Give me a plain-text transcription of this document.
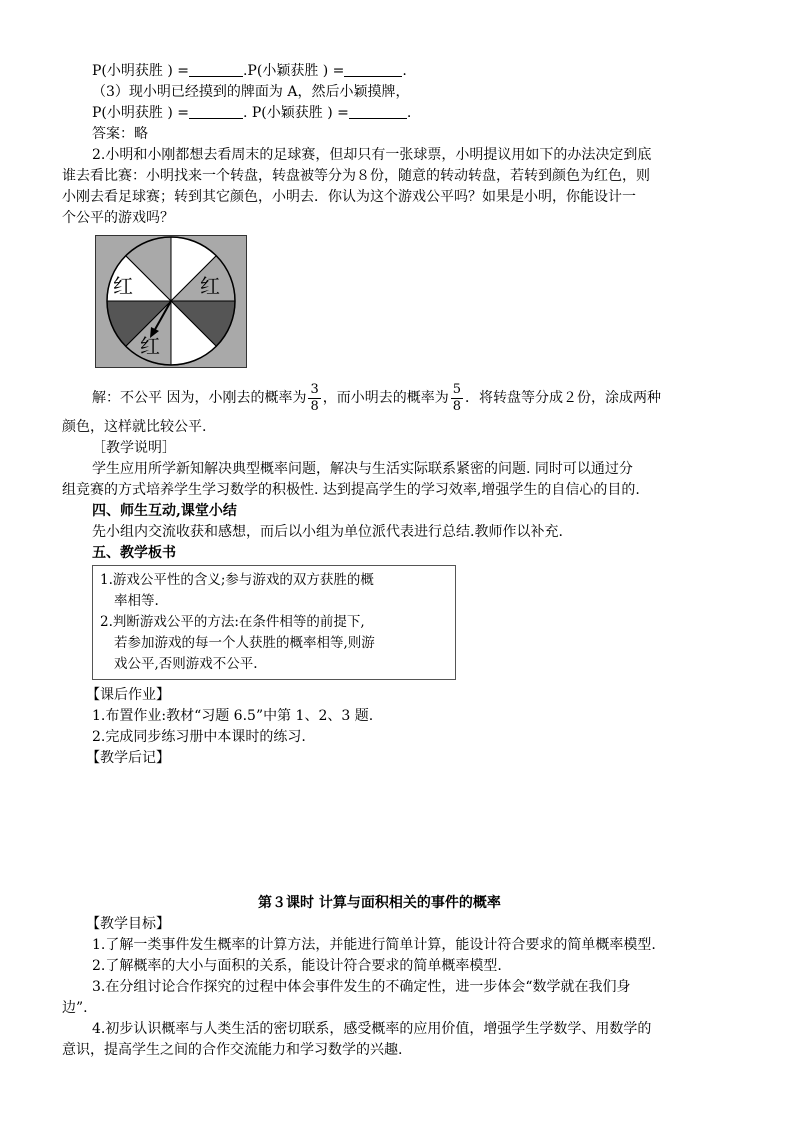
P(小明获胜 ) =	.P(小颖获胜 ) =	.
（3）现小明已经摸到的牌面为 A，然后小颖摸牌，
P(小明获胜 ) =	. P(小颖获胜 ) =	.
答案：略
2.小明和小刚都想去看周末的足球赛，但却只有一张球票，小明提议用如下的办法决定到底
谁去看比赛：小明找来一个转盘，转盘被等分为８份，随意的转动转盘，若转到颜色为红色，则
小刚去看足球赛；转到其它颜色，小明去．你认为这个游戏公平吗？如果是小明，你能设计一
个公平的游戏吗？
红	红
红
解：不公平 因为，小刚去的概率为 $\frac{3}{8}$ ，而小明去的概率为 $\frac{5}{8}$ ．将转盘等分成２份，涂成两种
颜色，这样就比较公平.
［教学说明］
学生应用所学新知解决典型概率问题，解决与生活实际联系紧密的问题. 同时可以通过分
组竞赛的方式培养学生学习数学的积极性. 达到提高学生的学习效率,增强学生的自信心的目的.
四、师生互动,课堂小结
先小组内交流收获和感想，而后以小组为单位派代表进行总结.教师作以补充.
五、教学板书
1.游戏公平性的含义;参与游戏的双方获胜的概
率相等.
2.判断游戏公平的方法:在条件相等的前提下,
若参加游戏的每一个人获胜的概率相等,则游
戏公平,否则游戏不公平.
【课后作业】
1.布置作业:教材“习题 6.5”中第 1、2、3 题.
2.完成同步练习册中本课时的练习.
【教学后记】
第３课时 计算与面积相关的事件的概率
【教学目标】
1.了解一类事件发生概率的计算方法，并能进行简单计算，能设计符合要求的简单概率模型.
2.了解概率的大小与面积的关系，能设计符合要求的简单概率模型.
3.在分组讨论合作探究的过程中体会事件发生的不确定性，进一步体会“数学就在我们身
边”.
4.初步认识概率与人类生活的密切联系，感受概率的应用价值，增强学生学数学、用数学的
意识，提高学生之间的合作交流能力和学习数学的兴趣.
